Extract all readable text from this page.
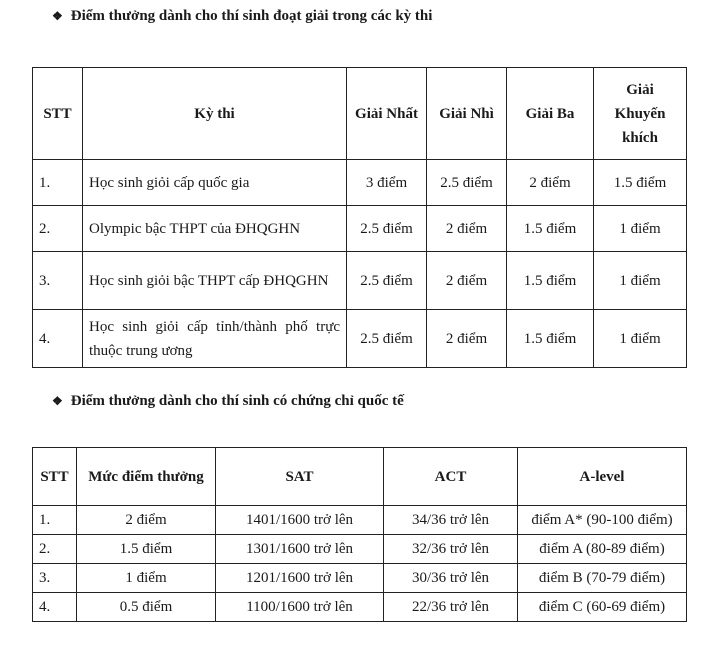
❖ Điểm thưởng dành cho thí sinh đoạt giải trong các kỳ thi
STT	Kỳ thi	Giải Nhất	Giải Nhì	Giải Ba	Giải Khuyến khích
1.	Học sinh giỏi cấp quốc gia	3 điểm	2.5 điểm	2 điểm	1.5 điểm
2.	Olympic bậc THPT của ĐHQGHN	2.5 điểm	2 điểm	1.5 điểm	1 điểm
3.	Học sinh giỏi bậc THPT cấp ĐHQGHN	2.5 điểm	2 điểm	1.5 điểm	1 điểm
4.	Học sinh giỏi cấp tỉnh/thành phố trực thuộc trung ương	2.5 điểm	2 điểm	1.5 điểm	1 điểm
❖ Điểm thưởng dành cho thí sinh có chứng chỉ quốc tế
STT	Mức điểm thưởng	SAT	ACT	A-level
1.	2 điểm	1401/1600 trở lên	34/36 trở lên	điểm A* (90-100 điểm)
2.	1.5 điểm	1301/1600 trở lên	32/36 trở lên	điểm A (80-89 điểm)
3.	1 điểm	1201/1600 trở lên	30/36 trở lên	điểm B (70-79 điểm)
4.	0.5 điểm	1100/1600 trở lên	22/36 trở lên	điểm C (60-69 điểm)
